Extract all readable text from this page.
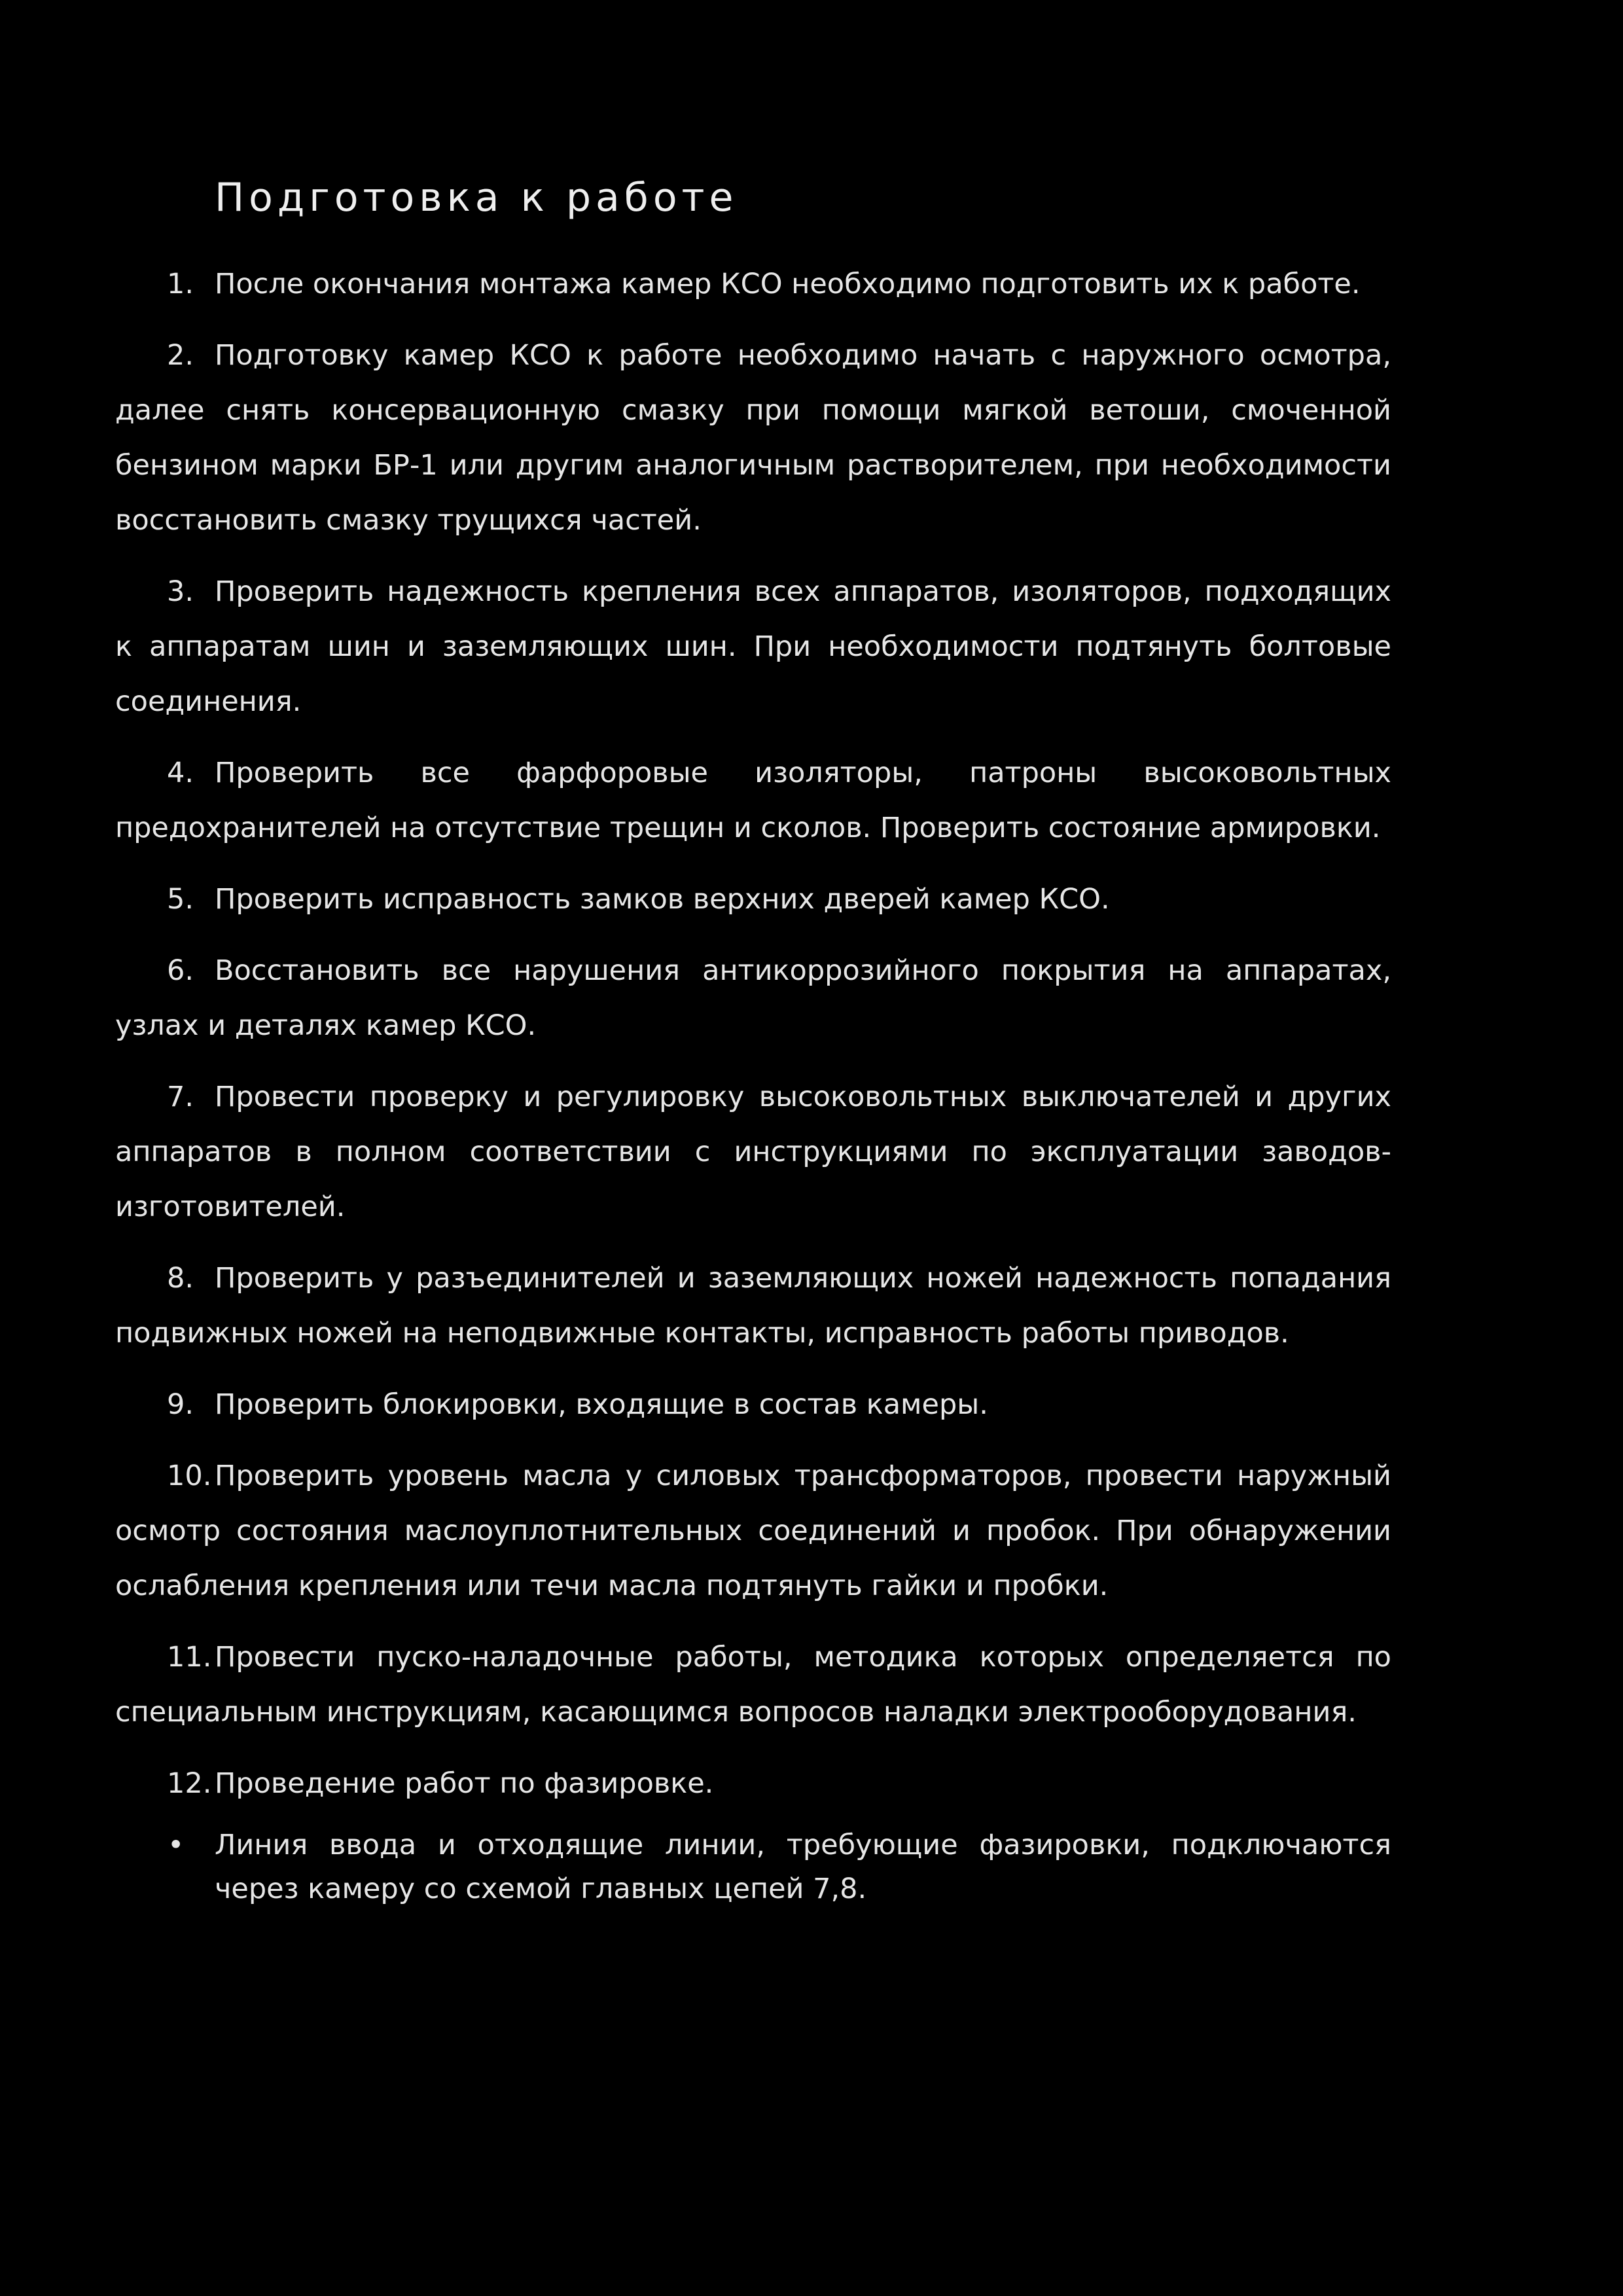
Подготовка к работе

1. После окончания монтажа камер КСО необходимо подготовить их к работе.

2. Подготовку камер КСО к работе необходимо начать с наружного осмотра, далее снять консервационную смазку при помощи мягкой ветоши, смоченной бензином марки БР-1 или другим аналогичным растворителем, при необходимости восстановить смазку трущихся частей.

3. Проверить надежность крепления всех аппаратов, изоляторов, подходящих к аппаратам шин и заземляющих шин. При необходимости подтянуть болтовые соединения.

4. Проверить все фарфоровые изоляторы, патроны высоковольтных предохранителей на отсутствие трещин и сколов. Проверить состояние армировки.

5. Проверить исправность замков верхних дверей камер КСО.

6. Восстановить все нарушения антикоррозийного покрытия на аппаратах, узлах и деталях камер КСО.

7. Провести проверку и регулировку высоковольтных выключателей и других аппаратов в полном соответствии с инструкциями по эксплуатации заводов-изготовителей.

8. Проверить у разъединителей и заземляющих ножей надежность попадания подвижных ножей на неподвижные контакты, исправность работы приводов.

9. Проверить блокировки, входящие в состав камеры.

10. Проверить уровень масла у силовых трансформаторов, провести наружный осмотр состояния маслоуплотнительных соединений и пробок. При обнаружении ослабления крепления или течи масла подтянуть гайки и пробки.

11. Провести пуско-наладочные работы, методика которых определяется по специальным инструкциям, касающимся вопросов наладки электрооборудования.

12. Проведение работ по фазировке.

• Линия ввода и отходящие линии, требующие фазировки, подключаются через камеру со схемой главных цепей 7,8.
